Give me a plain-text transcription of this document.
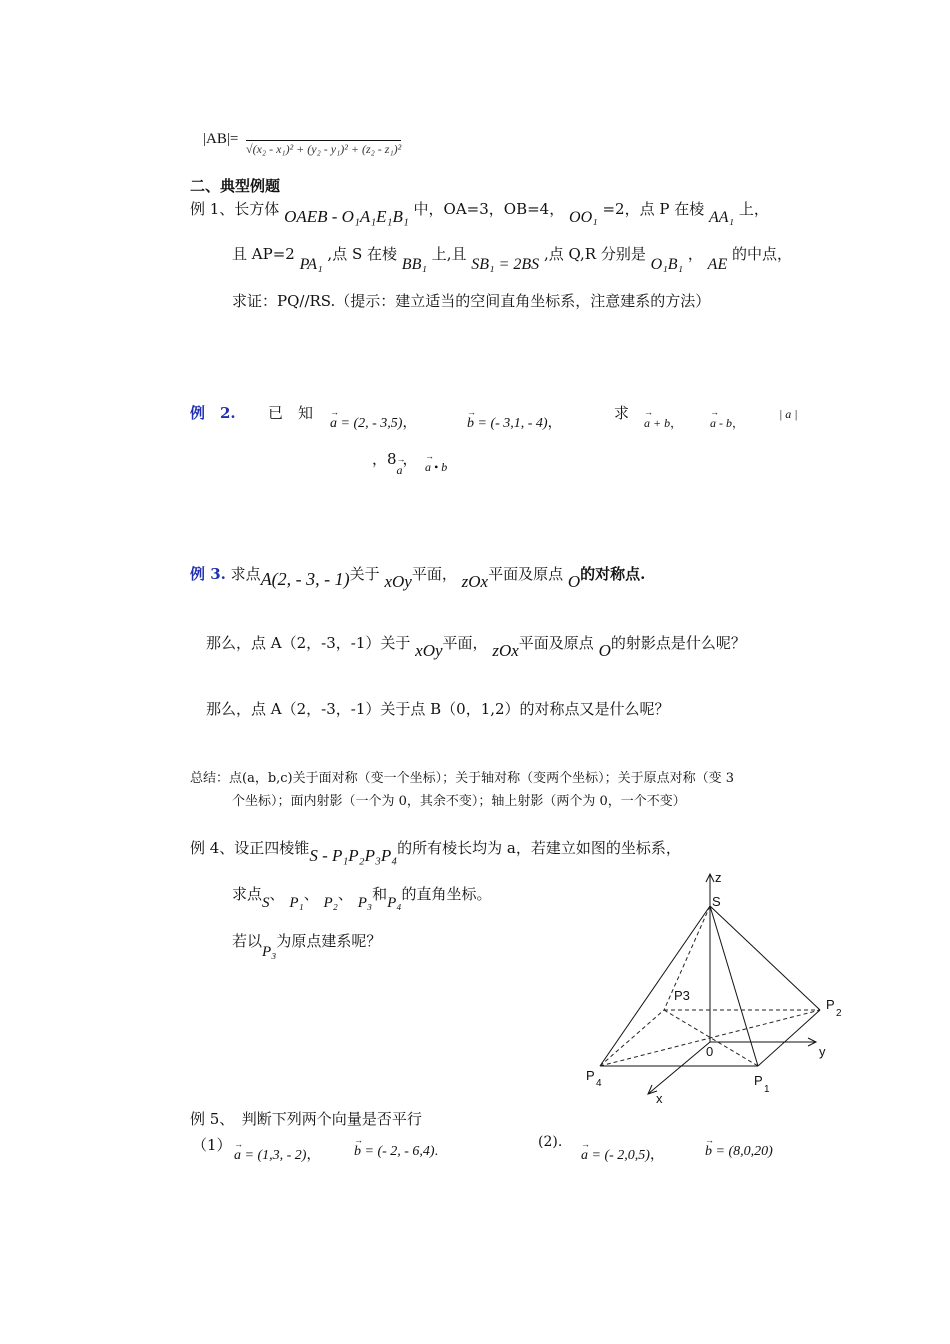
|AB|=
√(x₂ - x₁)² + (y₂ - y₁)² + (z₂ - z₁)²
二、典型例题
例 1、长方体 OAEB - O₁A₁E₁B₁ 中，OA=3，OB=4， OO₁ =2，点 P 在棱 AA₁ 上，
且 AP=2 PA₁ ,点 S 在棱 BB₁ 上,且 SB₁ = 2BS ,点 Q,R 分别是 O₁B₁ ， AE 的中点，
求证：PQ//RS.（提示：建立适当的空间直角坐标系，注意建系的方法）
例　2. 已　知
→ a = (2, - 3,5)，	→ b = (- 3,1, - 4)，
求
→ a + b， → a - b，
| a |
，8→ a， → a • b
例 3. 求点A(2, - 3, - 1)关于 xOy平面， zOx平面及原点 O的对称点.
那么，点 A（2，-3，-1）关于 xOy平面， zOx平面及原点 O的射影点是什么呢？
那么，点 A（2，-3，-1）关于点 B（0，1,2）的对称点又是什么呢？
总结：点(a，b,c)关于面对称（变一个坐标）；关于轴对称（变两个坐标）；关于原点对称（变 3
个坐标）；面内射影（一个为 0，其余不变）；轴上射影（两个为 0，一个不变）
例 4、设正四棱锥S - P₁P₂P₃P₄的所有棱长均为 a，若建立如图的坐标系，
求点S、 P₁、 P₂、 P₃和P₄的直角坐标。
若以P₃为原点建系呢？
z
y
x
S
0
P3
P
2
P
1
P
4
例 5、　判断下列两个向量是否平行
（1）
→ a = (1,3, - 2)， → b = (- 2, - 6,4).
(2).
→ a = (- 2,0,5)，	→ b = (8,0,20)
